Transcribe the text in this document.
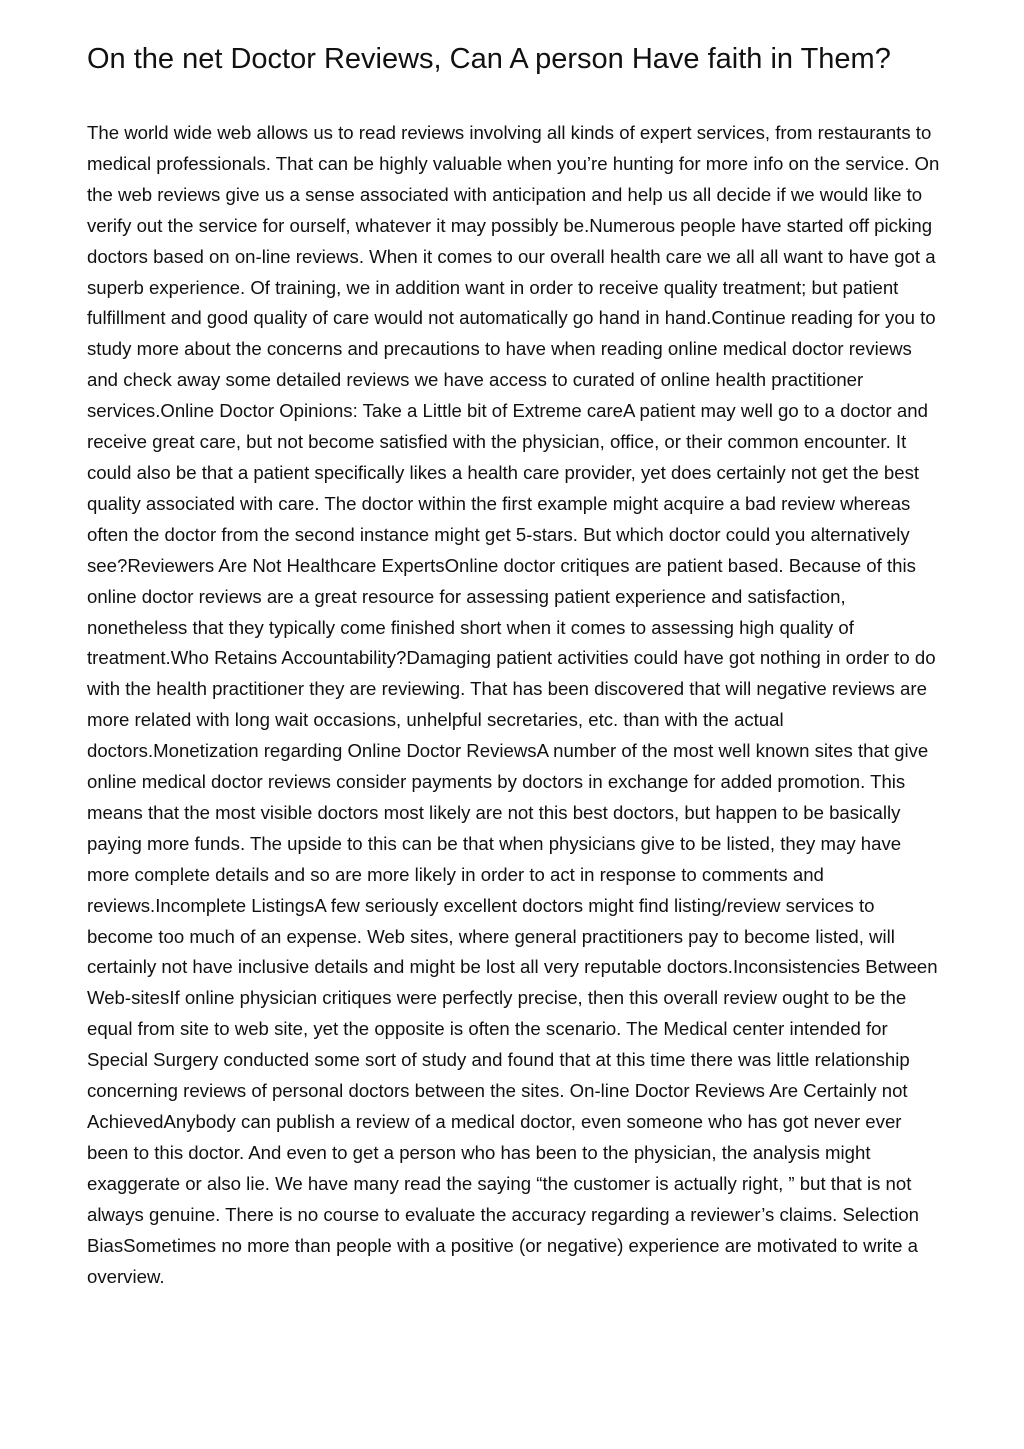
On the net Doctor Reviews, Can A person Have faith in Them?

The world wide web allows us to read reviews involving all kinds of expert services, from restaurants to medical professionals. That can be highly valuable when you’re hunting for more info on the service. On the web reviews give us a sense associated with anticipation and help us all decide if we would like to verify out the service for ourself, whatever it may possibly be.Numerous people have started off picking doctors based on on-line reviews. When it comes to our overall health care we all all want to have got a superb experience. Of training, we in addition want in order to receive quality treatment; but patient fulfillment and good quality of care would not automatically go hand in hand.Continue reading for you to study more about the concerns and precautions to have when reading online medical doctor reviews and check away some detailed reviews we have access to curated of online health practitioner services.Online Doctor Opinions: Take a Little bit of Extreme careA patient may well go to a doctor and receive great care, but not become satisfied with the physician, office, or their common encounter. It could also be that a patient specifically likes a health care provider, yet does certainly not get the best quality associated with care. The doctor within the first example might acquire a bad review whereas often the doctor from the second instance might get 5-stars. But which doctor could you alternatively see?Reviewers Are Not Healthcare ExpertsOnline doctor critiques are patient based. Because of this online doctor reviews are a great resource for assessing patient experience and satisfaction, nonetheless that they typically come finished short when it comes to assessing high quality of treatment.Who Retains Accountability?Damaging patient activities could have got nothing in order to do with the health practitioner they are reviewing. That has been discovered that will negative reviews are more related with long wait occasions, unhelpful secretaries, etc. than with the actual doctors.Monetization regarding Online Doctor ReviewsA number of the most well known sites that give online medical doctor reviews consider payments by doctors in exchange for added promotion. This means that the most visible doctors most likely are not this best doctors, but happen to be basically paying more funds. The upside to this can be that when physicians give to be listed, they may have more complete details and so are more likely in order to act in response to comments and reviews.Incomplete ListingsA few seriously excellent doctors might find listing/review services to become too much of an expense. Web sites, where general practitioners pay to become listed, will certainly not have inclusive details and might be lost all very reputable doctors.Inconsistencies Between Web-sitesIf online physician critiques were perfectly precise, then this overall review ought to be the equal from site to web site, yet the opposite is often the scenario. The Medical center intended for Special Surgery conducted some sort of study and found that at this time there was little relationship concerning reviews of personal doctors between the sites. On-line Doctor Reviews Are Certainly not AchievedAnybody can publish a review of a medical doctor, even someone who has got never ever been to this doctor. And even to get a person who has been to the physician, the analysis might exaggerate or also lie. We have many read the saying “the customer is actually right, ” but that is not always genuine. There is no course to evaluate the accuracy regarding a reviewer’s claims. Selection BiasSometimes no more than people with a positive (or negative) experience are motivated to write a overview.
